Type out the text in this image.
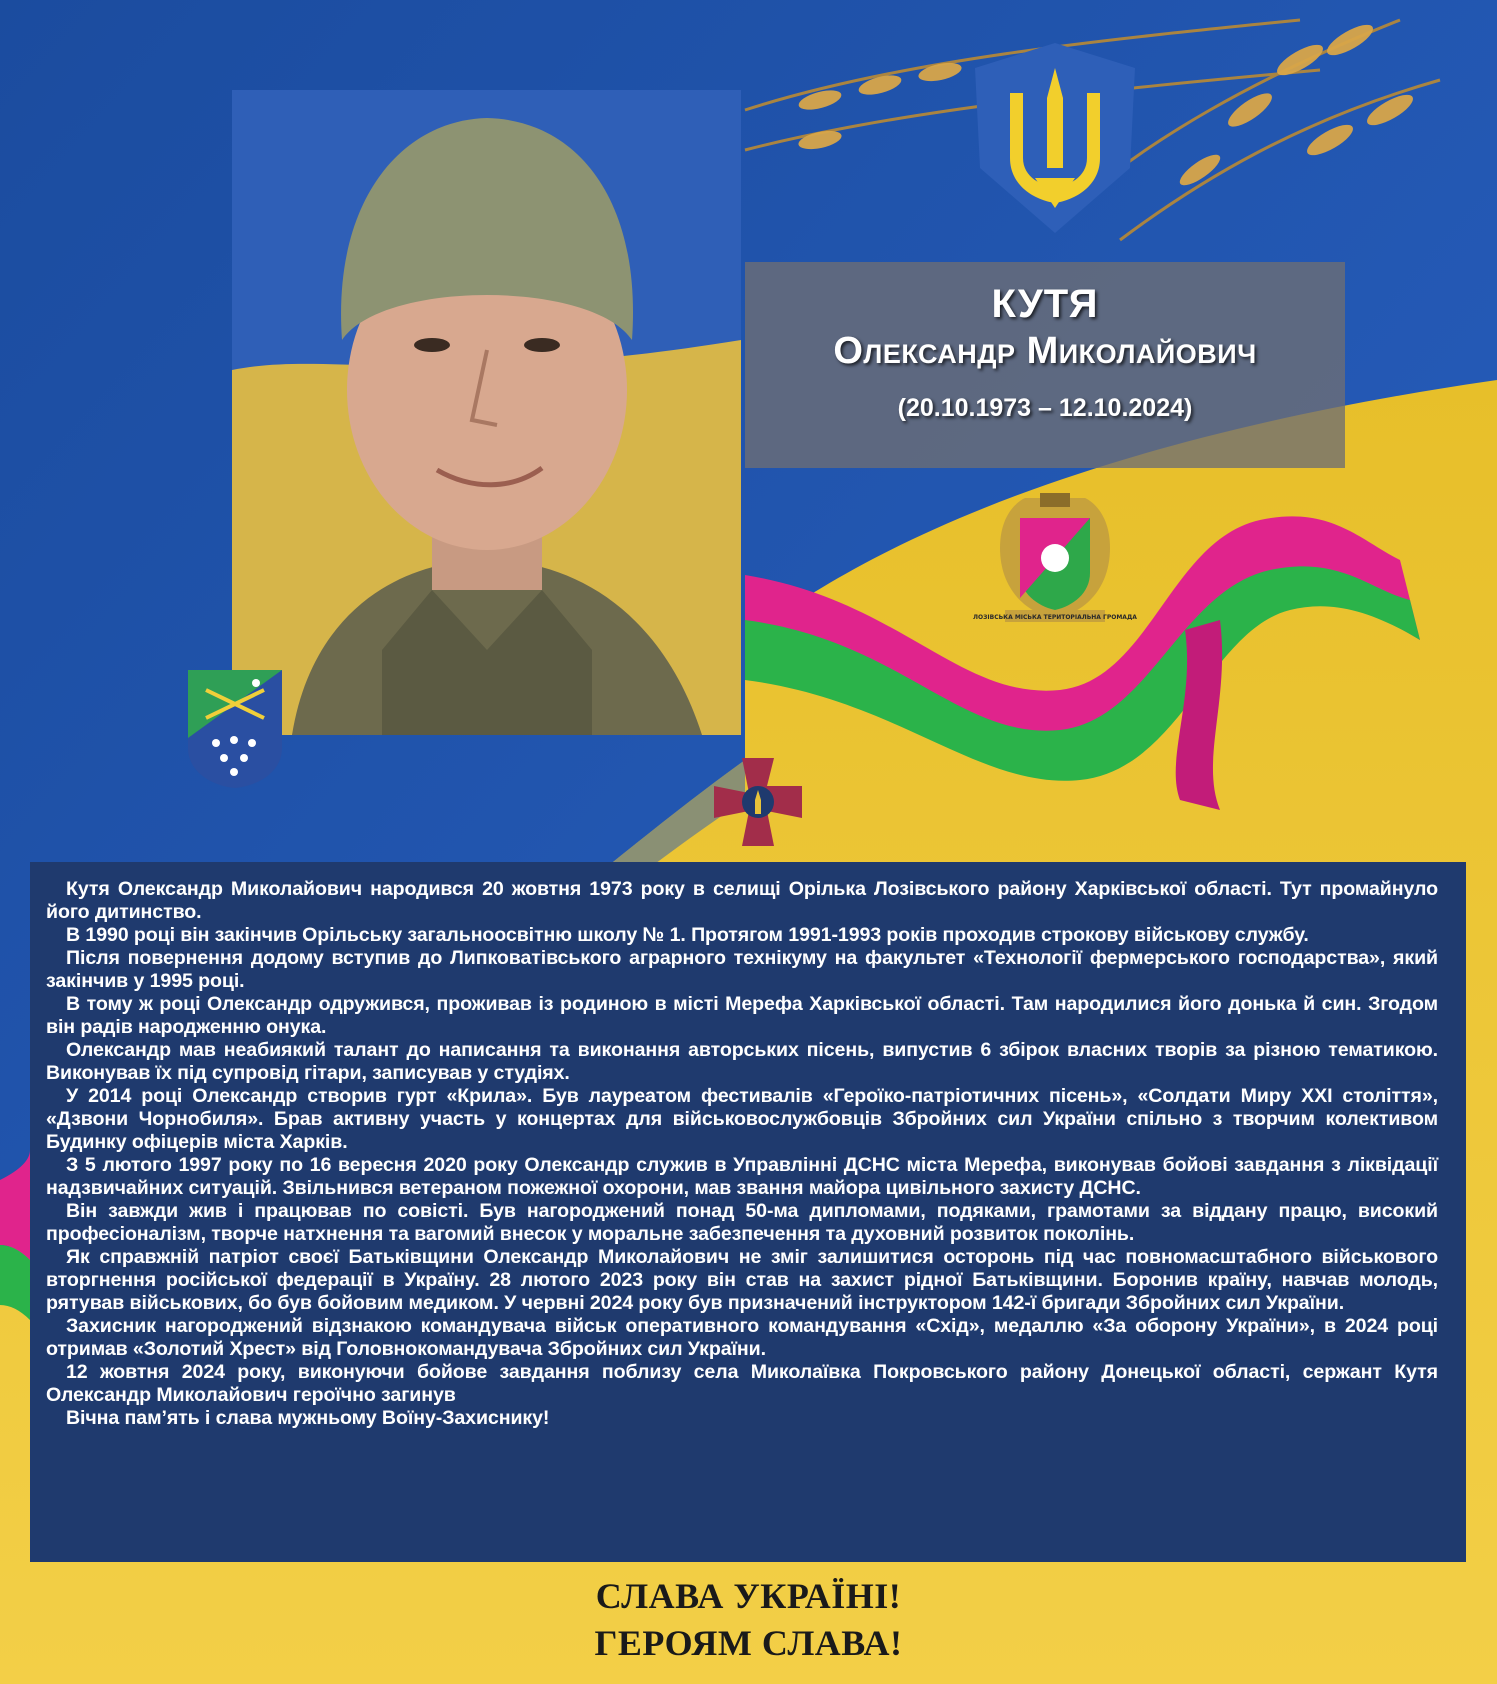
КУТЯ
Олександр Миколайович
(20.10.1973 – 12.10.2024)
ЛОЗІВСЬКА МІСЬКА ТЕРИТОРІАЛЬНА ГРОМАДА

Кутя Олександр Миколайович народився 20 жовтня 1973 року в селищі Орілька Лозівського району Харківської області. Тут промайнуло його дитинство.

В 1990 році він закінчив Орільську загальноосвітню школу № 1. Протягом 1991-1993 років проходив строкову військову службу.

Після повернення додому вступив до Липковатівського аграрного технікуму на факультет «Технології фермерського господарства», який закінчив у 1995 році.

В тому ж році Олександр одружився, проживав із родиною в місті Мерефа Харківської області. Там народилися його донька й син. Згодом він радів народженню онука.

Олександр мав неабиякий талант до написання та виконання авторських пісень, випустив 6 збірок власних творів за різною тематикою. Виконував їх під супровід гітари, записував у студіях.

У 2014 році Олександр створив гурт «Крила». Був лауреатом фестивалів «Героїко-патріотичних пісень», «Солдати Миру ХХІ століття», «Дзвони Чорнобиля». Брав активну участь у концертах для військовослужбовців Збройних сил України спільно з творчим колективом Будинку офіцерів міста Харків.

З 5 лютого 1997 року по 16 вересня 2020 року Олександр служив в Управлінні ДСНС міста Мерефа, виконував бойові завдання з ліквідації надзвичайних ситуацій. Звільнився ветераном пожежної охорони, мав звання майора цивільного захисту ДСНС.

Він завжди жив і працював по совісті. Був нагороджений понад 50-ма дипломами, подяками, грамотами за віддану працю, високий професіоналізм, творче натхнення та вагомий внесок у моральне забезпечення та духовний розвиток поколінь.

Як справжній патріот своєї Батьківщини Олександр Миколайович не зміг залишитися осторонь під час повномасштабного військового вторгнення російської федерації в Україну. 28 лютого 2023 року він став на захист рідної Батьківщини. Боронив країну, навчав молодь, рятував військових, бо був бойовим медиком. У червні 2024 року був призначений інструктором 142-ї бригади Збройних сил України.

Захисник нагороджений відзнакою командувача військ оперативного командування «Схід», медаллю «За оборону України», в 2024 році отримав «Золотий Хрест» від Головнокомандувача Збройних сил України.

12 жовтня 2024 року, виконуючи бойове завдання поблизу села Миколаївка Покровського району Донецької області, сержант Кутя Олександр Миколайович героїчно загинув

Вічна пам’ять і слава мужньому Воїну-Захиснику!

СЛАВА УКРАЇНІ!
ГЕРОЯМ СЛАВА!
